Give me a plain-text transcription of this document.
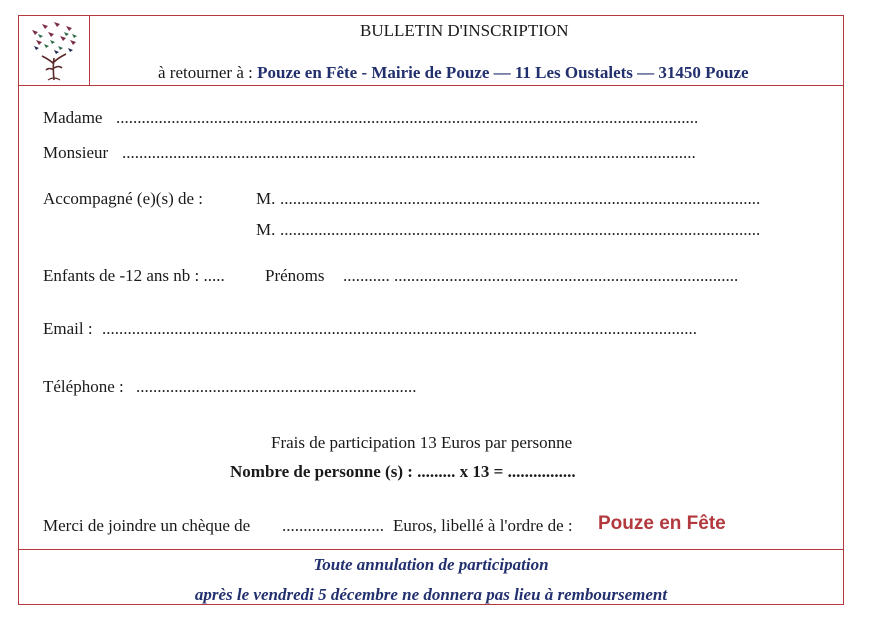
BULLETIN D'INSCRIPTION
à retourner à : Pouze en Fête - Mairie de Pouze — 11 Les Oustalets — 31450 Pouze
Madame .........................................................................................................................................
Monsieur .......................................................................................................................................
Accompagné (e)(s) de :	M. .................................................................................................................
M. .................................................................................................................
Enfants de -12 ans nb : ..... Prénoms ........... .................................................................................
Email : ............................................................................................................................................
Téléphone : ..................................................................
Frais de participation 13 Euros par personne
Nombre de personne (s) : ......... x 13 = ................
Merci de joindre un chèque de ........................ Euros, libellé à l'ordre de : Pouze en Fête
Toute annulation de participation
après le vendredi 5 décembre ne donnera pas lieu à remboursement
